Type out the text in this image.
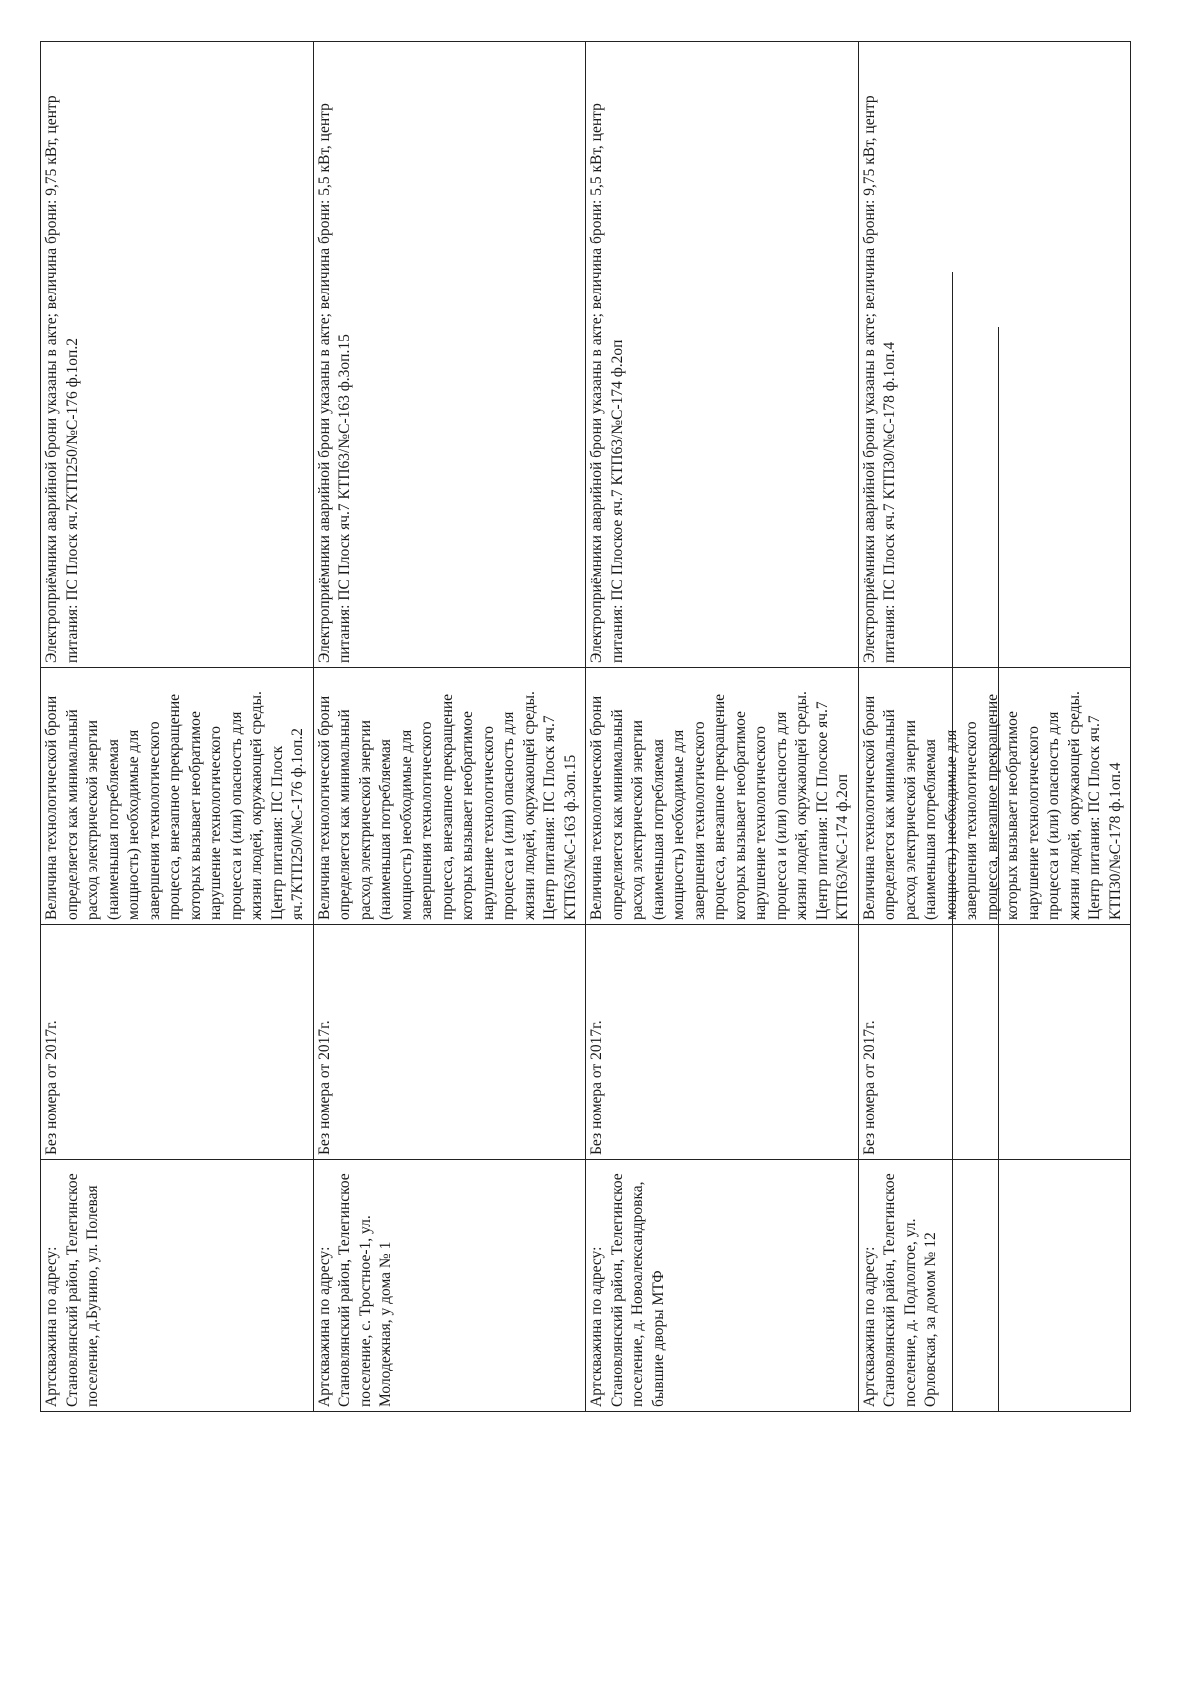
Артскважина по адресу: Становлянский район, Телегинское поселение, д.Бунино, ул. Полевая	Без номера от 2017г.	Величина технологической брони определяется как минимальный расход электрической энергии (наименьшая потребляемая мощность) необходимые для завершения технологического процесса, внезапное прекращение которых вызывает необратимое нарушение технологического процесса и (или) опасность для жизни людей, окружающей среды. Центр питания: ПС Плоск яч.7КТП250/№С-176 ф.1оп.2	Электроприёмники аварийной брони указаны в акте; величина брони: 9,75 кВт, центр питания: ПС Плоск яч.7КТП250/№С-176 ф.1оп.2
Артскважина по адресу: Становлянский район, Телегинское поселение, с. Тростное-1, ул. Молодежная, у дома № 1	Без номера от 2017г.	Величина технологической брони определяется как минимальный расход электрической энергии (наименьшая потребляемая мощность) необходимые для завершения технологического процесса, внезапное прекращение которых вызывает необратимое нарушение технологического процесса и (или) опасность для жизни людей, окружающей среды. Центр питания: ПС Плоск яч.7 КТП63/№С-163 ф.3оп.15	Электроприёмники аварийной брони указаны в акте; величина брони: 5,5 кВт, центр питания: ПС Плоск яч.7 КТП63/№С-163 ф.3оп.15
Артскважина по адресу: Становлянский район, Телегинское поселение, д. Новоалександровка, бывшие дворы МТФ	Без номера от 2017г.	Величина технологической брони определяется как минимальный расход электрической энергии (наименьшая потребляемая мощность) необходимые для завершения технологического процесса, внезапное прекращение которых вызывает необратимое нарушение технологического процесса и (или) опасность для жизни людей, окружающей среды. Центр питания: ПС Плоское яч.7 КТП63/№С-174 ф.2оп	Электроприёмники аварийной брони указаны в акте; величина брони: 5,5 кВт, центр питания: ПС Плоское яч.7 КТП63/№С-174 ф.2оп
Артскважина по адресу: Становлянский район, Телегинское поселение, д. Подлолгое, ул. Орловская, за домом № 12	Без номера от 2017г.	Величина технологической брони определяется как минимальный расход электрической энергии (наименьшая потребляемая мощность) необходимые для завершения технологического процесса, внезапное прекращение которых вызывает необратимое нарушение технологического процесса и (или) опасность для жизни людей, окружающей среды. Центр питания: ПС Плоск яч.7 КТП30/№С-178 ф.1оп.4	Электроприёмники аварийной брони указаны в акте; величина брони: 9,75 кВт, центр питания: ПС Плоск яч.7 КТП30/№С-178 ф.1оп.4
